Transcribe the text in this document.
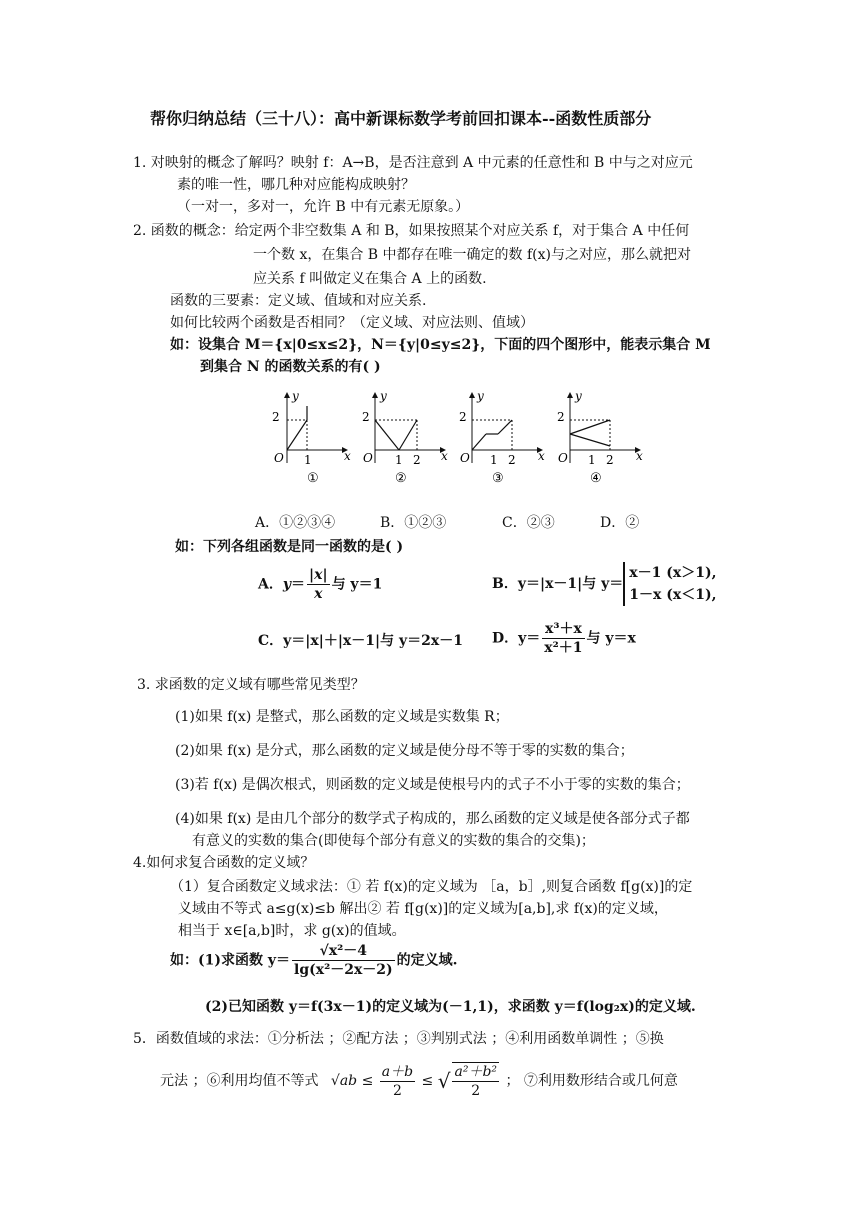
帮你归纳总结（三十八）：高中新课标数学考前回扣课本--函数性质部分
1. 对映射的概念了解吗？映射 f：A→B，是否注意到 A 中元素的任意性和 B 中与之对应元
素的唯一性，哪几种对应能构成映射？
（一对一，多对一，允许 B 中有元素无原象。）
2. 函数的概念：给定两个非空数集 A 和 B，如果按照某个对应关系 f，对于集合 A 中任何
一个数 x，在集合 B 中都存在唯一确定的数 f(x)与之对应，那么就把对
应关系 f 叫做定义在集合 A 上的函数.
函数的三要素：定义域、值域和对应关系.
如何比较两个函数是否相同？（定义域、对应法则、值域）
如：设集合 M＝{x|0≤x≤2}，N＝{y|0≤y≤2}，下面的四个图形中，能表示集合 M
到集合 N 的函数关系的有( )
2
O 1	x
y
①
2
O 1 2 x
y
②
2
O 1 2 x
y
③
2
O 1 2 x
y
④
A．①②③④	B．①②③	C．②③	D．②
如：下列各组函数是同一函数的是( )
A．$y= \frac{|x|}{x}$ 与 y＝1	B．y＝|x－1|与 y＝
x－1 (x＞1),
1－x (x＜1),
C．y＝|x|＋|x－1|与 y＝2x－1 D．$y= \frac{\text{x³＋x}}{\text{x²＋1}}$ 与 y＝x
3. 求函数的定义域有哪些常见类型？
(1)如果 f(x) 是整式，那么函数的定义域是实数集 R；
(2)如果 f(x) 是分式，那么函数的定义域是使分母不等于零的实数的集合；
(3)若 f(x) 是偶次根式，则函数的定义域是使根号内的式子不小于零的实数的集合；
(4)如果 f(x) 是由几个部分的数学式子构成的，那么函数的定义域是使各部分式子都
有意义的实数的集合(即使每个部分有意义的实数的集合的交集)；
4.如何求复合函数的定义域？
（1）复合函数定义域求法：① 若 f(x)的定义域为 ［a，b］,则复合函数 f[g(x)]的定
义域由不等式 a≤g(x)≤b 解出② 若 f[g(x)]的定义域为[a,b],求 f(x)的定义域，
相当于 x∈[a,b]时，求 g(x)的值域。
如：(1)求函数 $y= \frac{\text{√x²－4}}{\text{lg(x²－2x－2)}}$ 的定义域.
(2)已知函数 y＝f(3x－1)的定义域为(－1,1)，求函数 y＝f(log₂x)的定义域.
5．函数值域的求法：①分析法 ；②配方法 ；③判别式法 ；④利用函数单调性 ；⑤换
元法 ；⑥利用均值不等式 $√ab \le \frac{a+b}{2}$ ≤ √ $\frac{\text{a²＋b²}}{2}$ ； ⑦利用数形结合或几何意
